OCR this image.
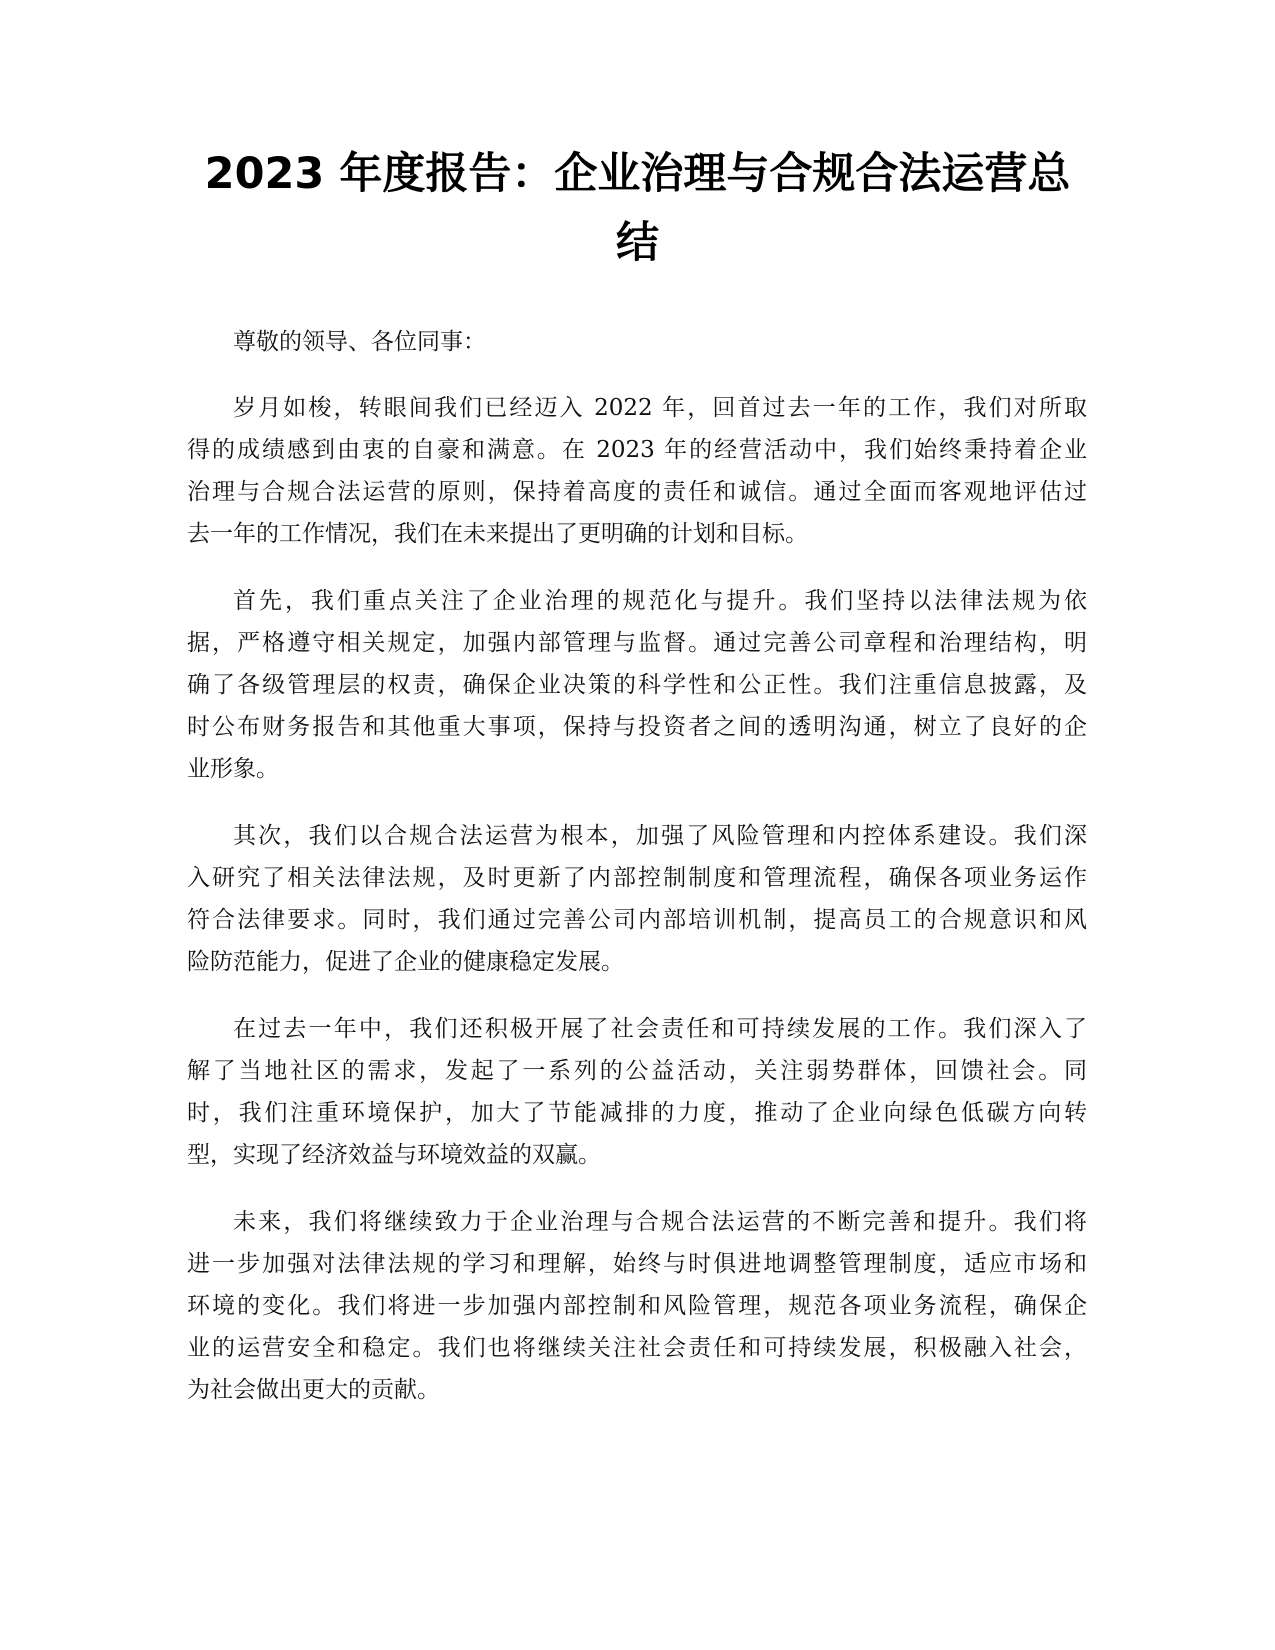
2023 年度报告：企业治理与合规合法运营总
结

尊敬的领导、各位同事：

岁月如梭，转眼间我们已经迈入 2022 年，回首过去一年的工作，我们对所取
得的成绩感到由衷的自豪和满意。在 2023 年的经营活动中，我们始终秉持着企业
治理与合规合法运营的原则，保持着高度的责任和诚信。通过全面而客观地评估过
去一年的工作情况，我们在未来提出了更明确的计划和目标。

首先，我们重点关注了企业治理的规范化与提升。我们坚持以法律法规为依
据，严格遵守相关规定，加强内部管理与监督。通过完善公司章程和治理结构，明
确了各级管理层的权责，确保企业决策的科学性和公正性。我们注重信息披露，及
时公布财务报告和其他重大事项，保持与投资者之间的透明沟通，树立了良好的企
业形象。

其次，我们以合规合法运营为根本，加强了风险管理和内控体系建设。我们深
入研究了相关法律法规，及时更新了内部控制制度和管理流程，确保各项业务运作
符合法律要求。同时，我们通过完善公司内部培训机制，提高员工的合规意识和风
险防范能力，促进了企业的健康稳定发展。

在过去一年中，我们还积极开展了社会责任和可持续发展的工作。我们深入了
解了当地社区的需求，发起了一系列的公益活动，关注弱势群体，回馈社会。同
时，我们注重环境保护，加大了节能减排的力度，推动了企业向绿色低碳方向转
型，实现了经济效益与环境效益的双赢。

未来，我们将继续致力于企业治理与合规合法运营的不断完善和提升。我们将
进一步加强对法律法规的学习和理解，始终与时俱进地调整管理制度，适应市场和
环境的变化。我们将进一步加强内部控制和风险管理，规范各项业务流程，确保企
业的运营安全和稳定。我们也将继续关注社会责任和可持续发展，积极融入社会，
为社会做出更大的贡献。
